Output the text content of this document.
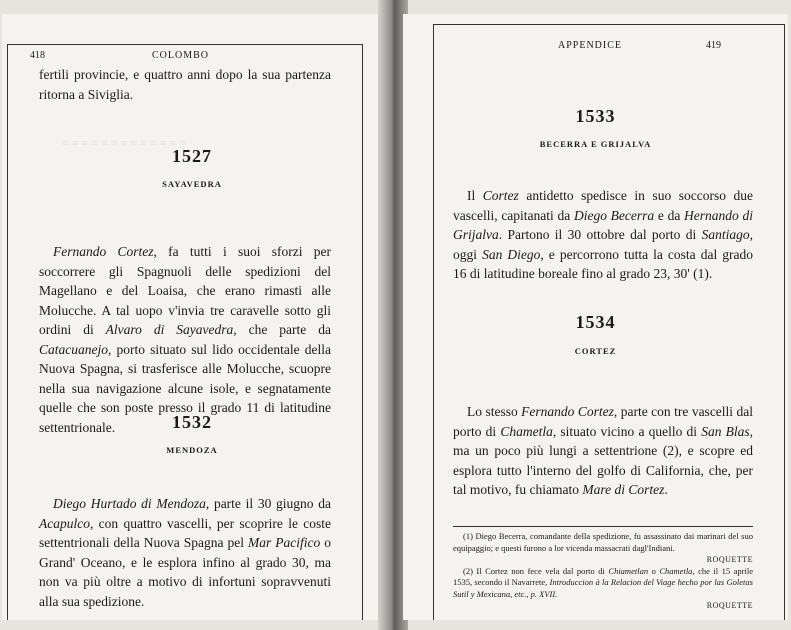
≡ ≡ ≡ ≡ ≡ ≡ ≡ ≡ ≡ ≡ ≡ ≡ ≡
418	COLOMBO

fertili provincie, e quattro anni dopo la sua partenza ritorna a Siviglia.

1527
SAYAVEDRA

Fernando Cortez, fa tutti i suoi sforzi per soccorrere gli Spagnuoli delle spedizioni del Magellano e del Loaisa, che erano rimasti alle Molucche. A tal uopo v'invia tre caravelle sotto gli ordini di Alvaro di Sayavedra, che parte da Catacuanejo, porto situato sul lido occidentale della Nuova Spagna, si trasferisce alle Molucche, scuopre nella sua navigazione alcune isole, e segnatamente quelle che son poste presso il grado 11 di latitudine settentrionale.	1532
MENDOZA

Diego Hurtado di Mendoza, parte il 30 giugno da Acapulco, con quattro vascelli, per scoprire le coste settentrionali della Nuova Spagna pel Mar Pacifico o Grand' Oceano, e le esplora infino al grado 30, ma non va più oltre a motivo di infortuni sopravvenuti alla sua spedizione.

APPENDICE	419
1533
BECERRA E GRIJALVA

Il Cortez antidetto spedisce in suo soccorso due vascelli, capitanati da Diego Becerra e da Hernando di Grijalva. Partono il 30 ottobre dal porto di Santiago, oggi San Diego, e percorrono tutta la costa dal grado 16 di latitudine boreale fino al grado 23, 30' (1).

1534
CORTEZ

Lo stesso Fernando Cortez, parte con tre vascelli dal porto di Chametla, situato vicino a quello di San Blas, ma un poco più lungi a settentrione (2), e scopre ed esplora tutto l'interno del golfo di California, che, per tal motivo, fu chiamato Mare di Cortez.

(1) Diego Becerra, comandante della spedizione, fu assassinato dai marinari del suo equipaggio; e questi furono a lor vicenda massacrati dagl'Indiani.
ROQUETTE

(2) Il Cortez non fece vela dal porto di Chiametlan o Chametla, che il 15 aprile 1535, secondo il Navarrete, Introduccion à la Relacion del Viage hecho por las Goletas Sutil y Mexicana, etc., p. XVII.
ROQUETTE
